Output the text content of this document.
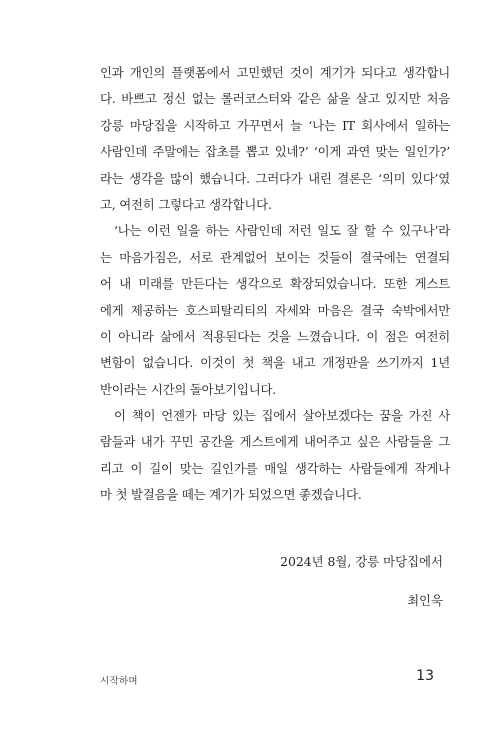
인과 개인의 플랫폼에서 고민했던 것이 계기가 되다고 생각합니
다. 바쁘고 정신 없는 롤러코스터와 같은 삶을 살고 있지만 처음
강릉 마당집을 시작하고 가꾸면서 늘 ‘나는 IT 회사에서 일하는
사람인데 주말에는 잡초를 뽑고 있네?’ ‘이게 과연 맞는 일인가?’
라는 생각을 많이 했습니다. 그러다가 내린 결론은 ‘의미 있다’였
고, 여전히 그렇다고 생각합니다.
‘나는 이런 일을 하는 사람인데 저런 일도 잘 할 수 있구나’라
는 마음가짐은, 서로 관계없어 보이는 것들이 결국에는 연결되
어 내 미래를 만든다는 생각으로 확장되었습니다. 또한 게스트
에게 제공하는 호스피탈리티의 자세와 마음은 결국 숙박에서만
이 아니라 삶에서 적용된다는 것을 느꼈습니다. 이 점은 여전히
변함이 없습니다. 이것이 첫 책을 내고 개정판을 쓰기까지 1년
반이라는 시간의 돌아보기입니다.
이 책이 언젠가 마당 있는 집에서 살아보겠다는 꿈을 가진 사
람들과 내가 꾸민 공간을 게스트에게 내어주고 싶은 사람들을 그
리고 이 길이 맞는 길인가를 매일 생각하는 사람들에게 작게나
마 첫 발걸음을 떼는 계기가 되었으면 좋겠습니다.
2024년 8월, 강릉 마당집에서
최인욱
시작하며	13
